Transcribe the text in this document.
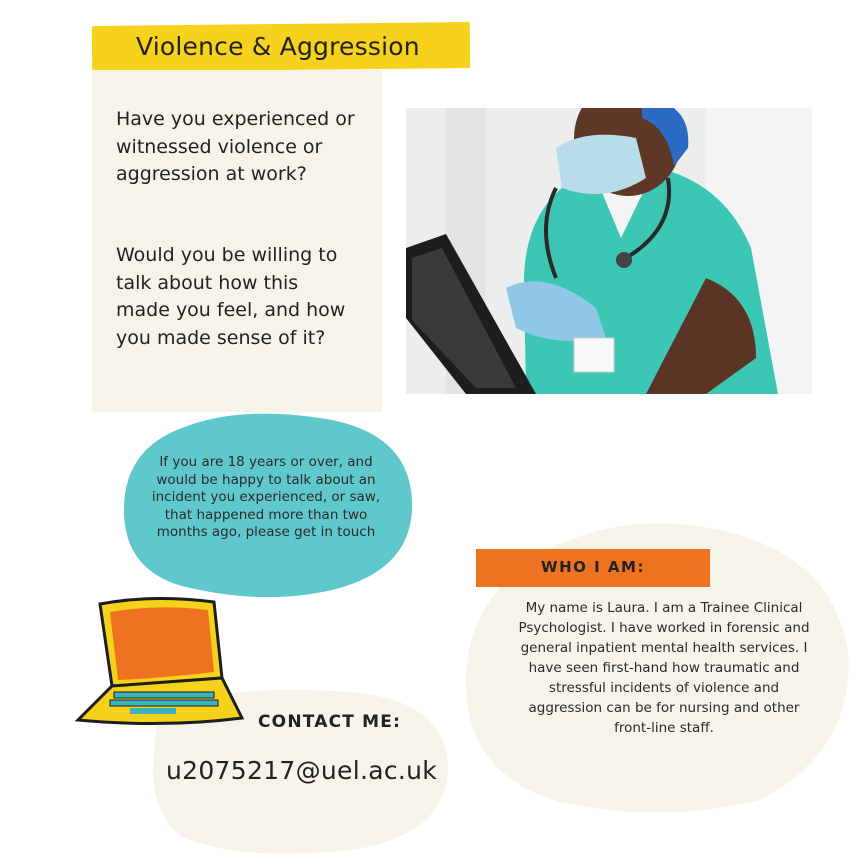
Violence & Aggression

Have you experienced or witnessed violence or aggression at work?

Would you be willing to talk about how this made you feel, and how you made sense of it?

If you are 18 years or over, and would be happy to talk about an incident you experienced, or saw, that happened more than two months ago, please get in touch
WHO I AM:
My name is Laura. I am a Trainee Clinical Psychologist. I have worked in forensic and general inpatient mental health services. I have seen first-hand how traumatic and stressful incidents of violence and aggression can be for nursing and other front-line staff.
CONTACT ME:
u2075217@uel.ac.uk
